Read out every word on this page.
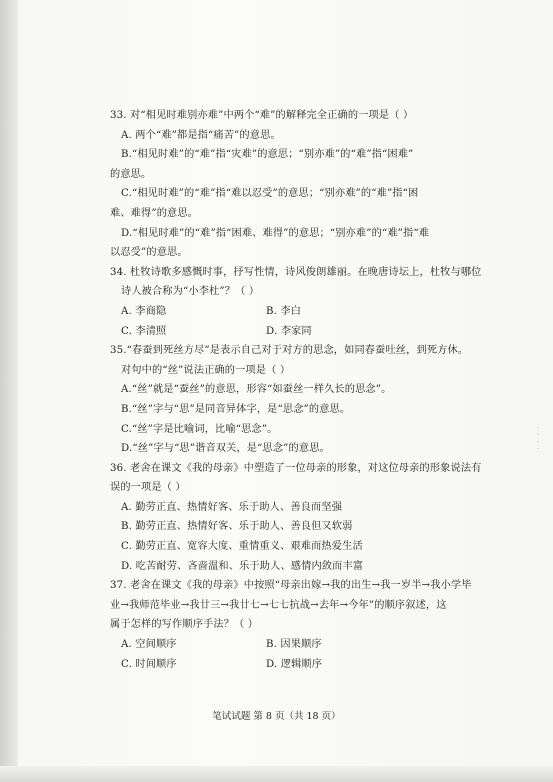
·
·
·
·
33. 对“相见时难别亦难”中两个“难”的解释完全正确的一项是（ ）
A. 两个“难”都是指“痛苦”的意思。
B.“相见时难”的“难”指“灾难”的意思；“别亦难”的“难”指“困难”
的意思。
C.“相见时难”的“难”指“难以忍受”的意思；“别亦难”的“难”指“困
难、难得”的意思。
D.“相见时难”的“难”指“困难、难得”的意思；“别亦难”的“难”指“难
以忍受”的意思。
34. 杜牧诗歌多感慨时事，抒写性情，诗风俊朗雄丽。在晚唐诗坛上，杜牧与哪位
诗人被合称为“小李杜”？（ ）
A. 李商隐	B. 李白
C. 李清照	D. 李家同
35.“春蚕到死丝方尽”是表示自己对于对方的思念，如同春蚕吐丝，到死方休。
对句中的“丝”说法正确的一项是（ ）
A.“丝”就是“蚕丝”的意思，形容“如蚕丝一样久长的思念”。
B.“丝”字与“思”是同音异体字，是“思念”的意思。
C.“丝”字是比喻词，比喻“思念”。
D.“丝”字与“思”谐音双关，是“思念”的意思。
36. 老舍在课文《我的母亲》中塑造了一位母亲的形象，对这位母亲的形象说法有
误的一项是（ ）
A. 勤劳正直、热情好客、乐于助人、善良而坚强
B. 勤劳正直、热情好客、乐于助人、善良但又软弱
C. 勤劳正直、宽容大度、重情重义、艰难而热爱生活
D. 吃苦耐劳、吝啬温和、乐于助人、感情内敛而丰富
37. 老舍在课文《我的母亲》中按照“母亲出嫁→我的出生→我一岁半→我小学毕
业→我师范毕业→我廿三→我廿七→七七抗战→去年→今年”的顺序叙述，这
属于怎样的写作顺序手法？（ ）
A. 空间顺序	B. 因果顺序
C. 时间顺序	D. 逻辑顺序
笔试试题 第 8 页（共 18 页）
